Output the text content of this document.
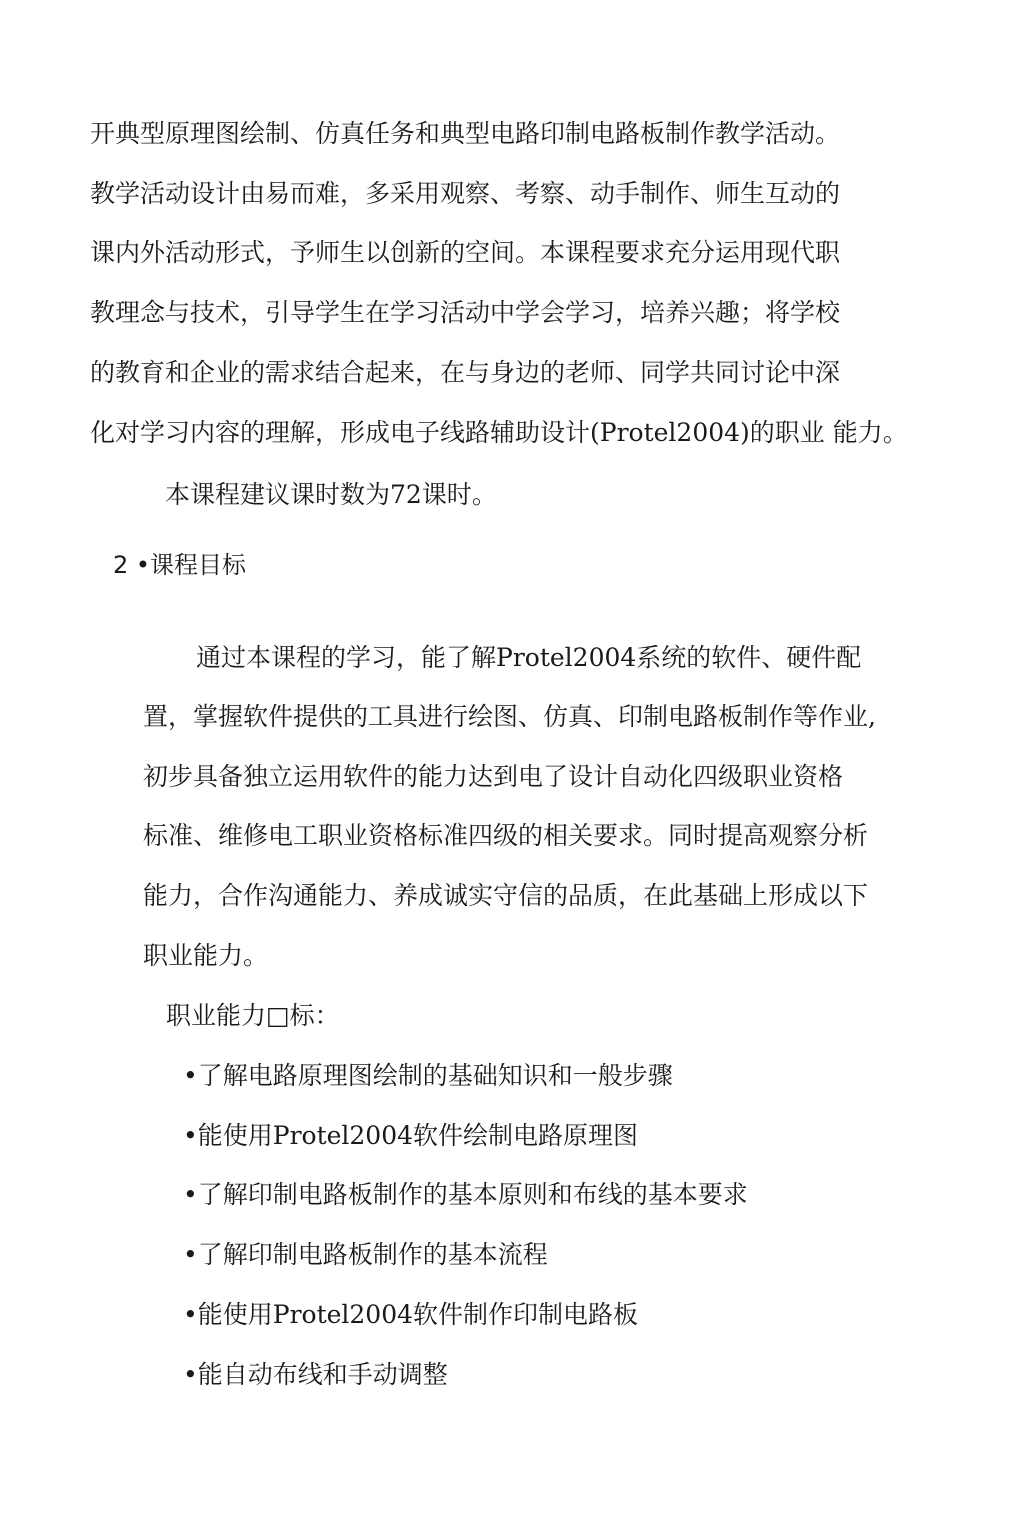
开典型原理图绘制、仿真任务和典型电路印制电路板制作教学活动。
教学活动设计由易而难，多采用观察、考察、动手制作、师生互动的
课内外活动形式，予师生以创新的空间。本课程要求充分运用现代职
教理念与技术，引导学生在学习活动中学会学习，培养兴趣；将学校
的教育和企业的需求结合起来，在与身边的老师、同学共同讨论中深
化对学习内容的理解，形成电子线路辅助设计(Protel2004)的职业 能力。
本课程建议课时数为72课时。
2 •课程目标
通过本课程的学习，能了解Protel2004系统的软件、硬件配
置，掌握软件提供的工具进行绘图、仿真、印制电路板制作等作业,
初步具备独立运用软件的能力达到电了设计自动化四级职业资格
标准、维修电工职业资格标准四级的相关要求。同时提高观察分析
能力，合作沟通能力、养成诚实守信的品质，在此基础上形成以下
职业能力。
职业能力□标：
•了解电路原理图绘制的基础知识和一般步骤
•能使用Protel2004软件绘制电路原理图
•了解印制电路板制作的基本原则和布线的基本要求
•了解印制电路板制作的基本流程
•能使用Protel2004软件制作印制电路板
•能自动布线和手动调整
